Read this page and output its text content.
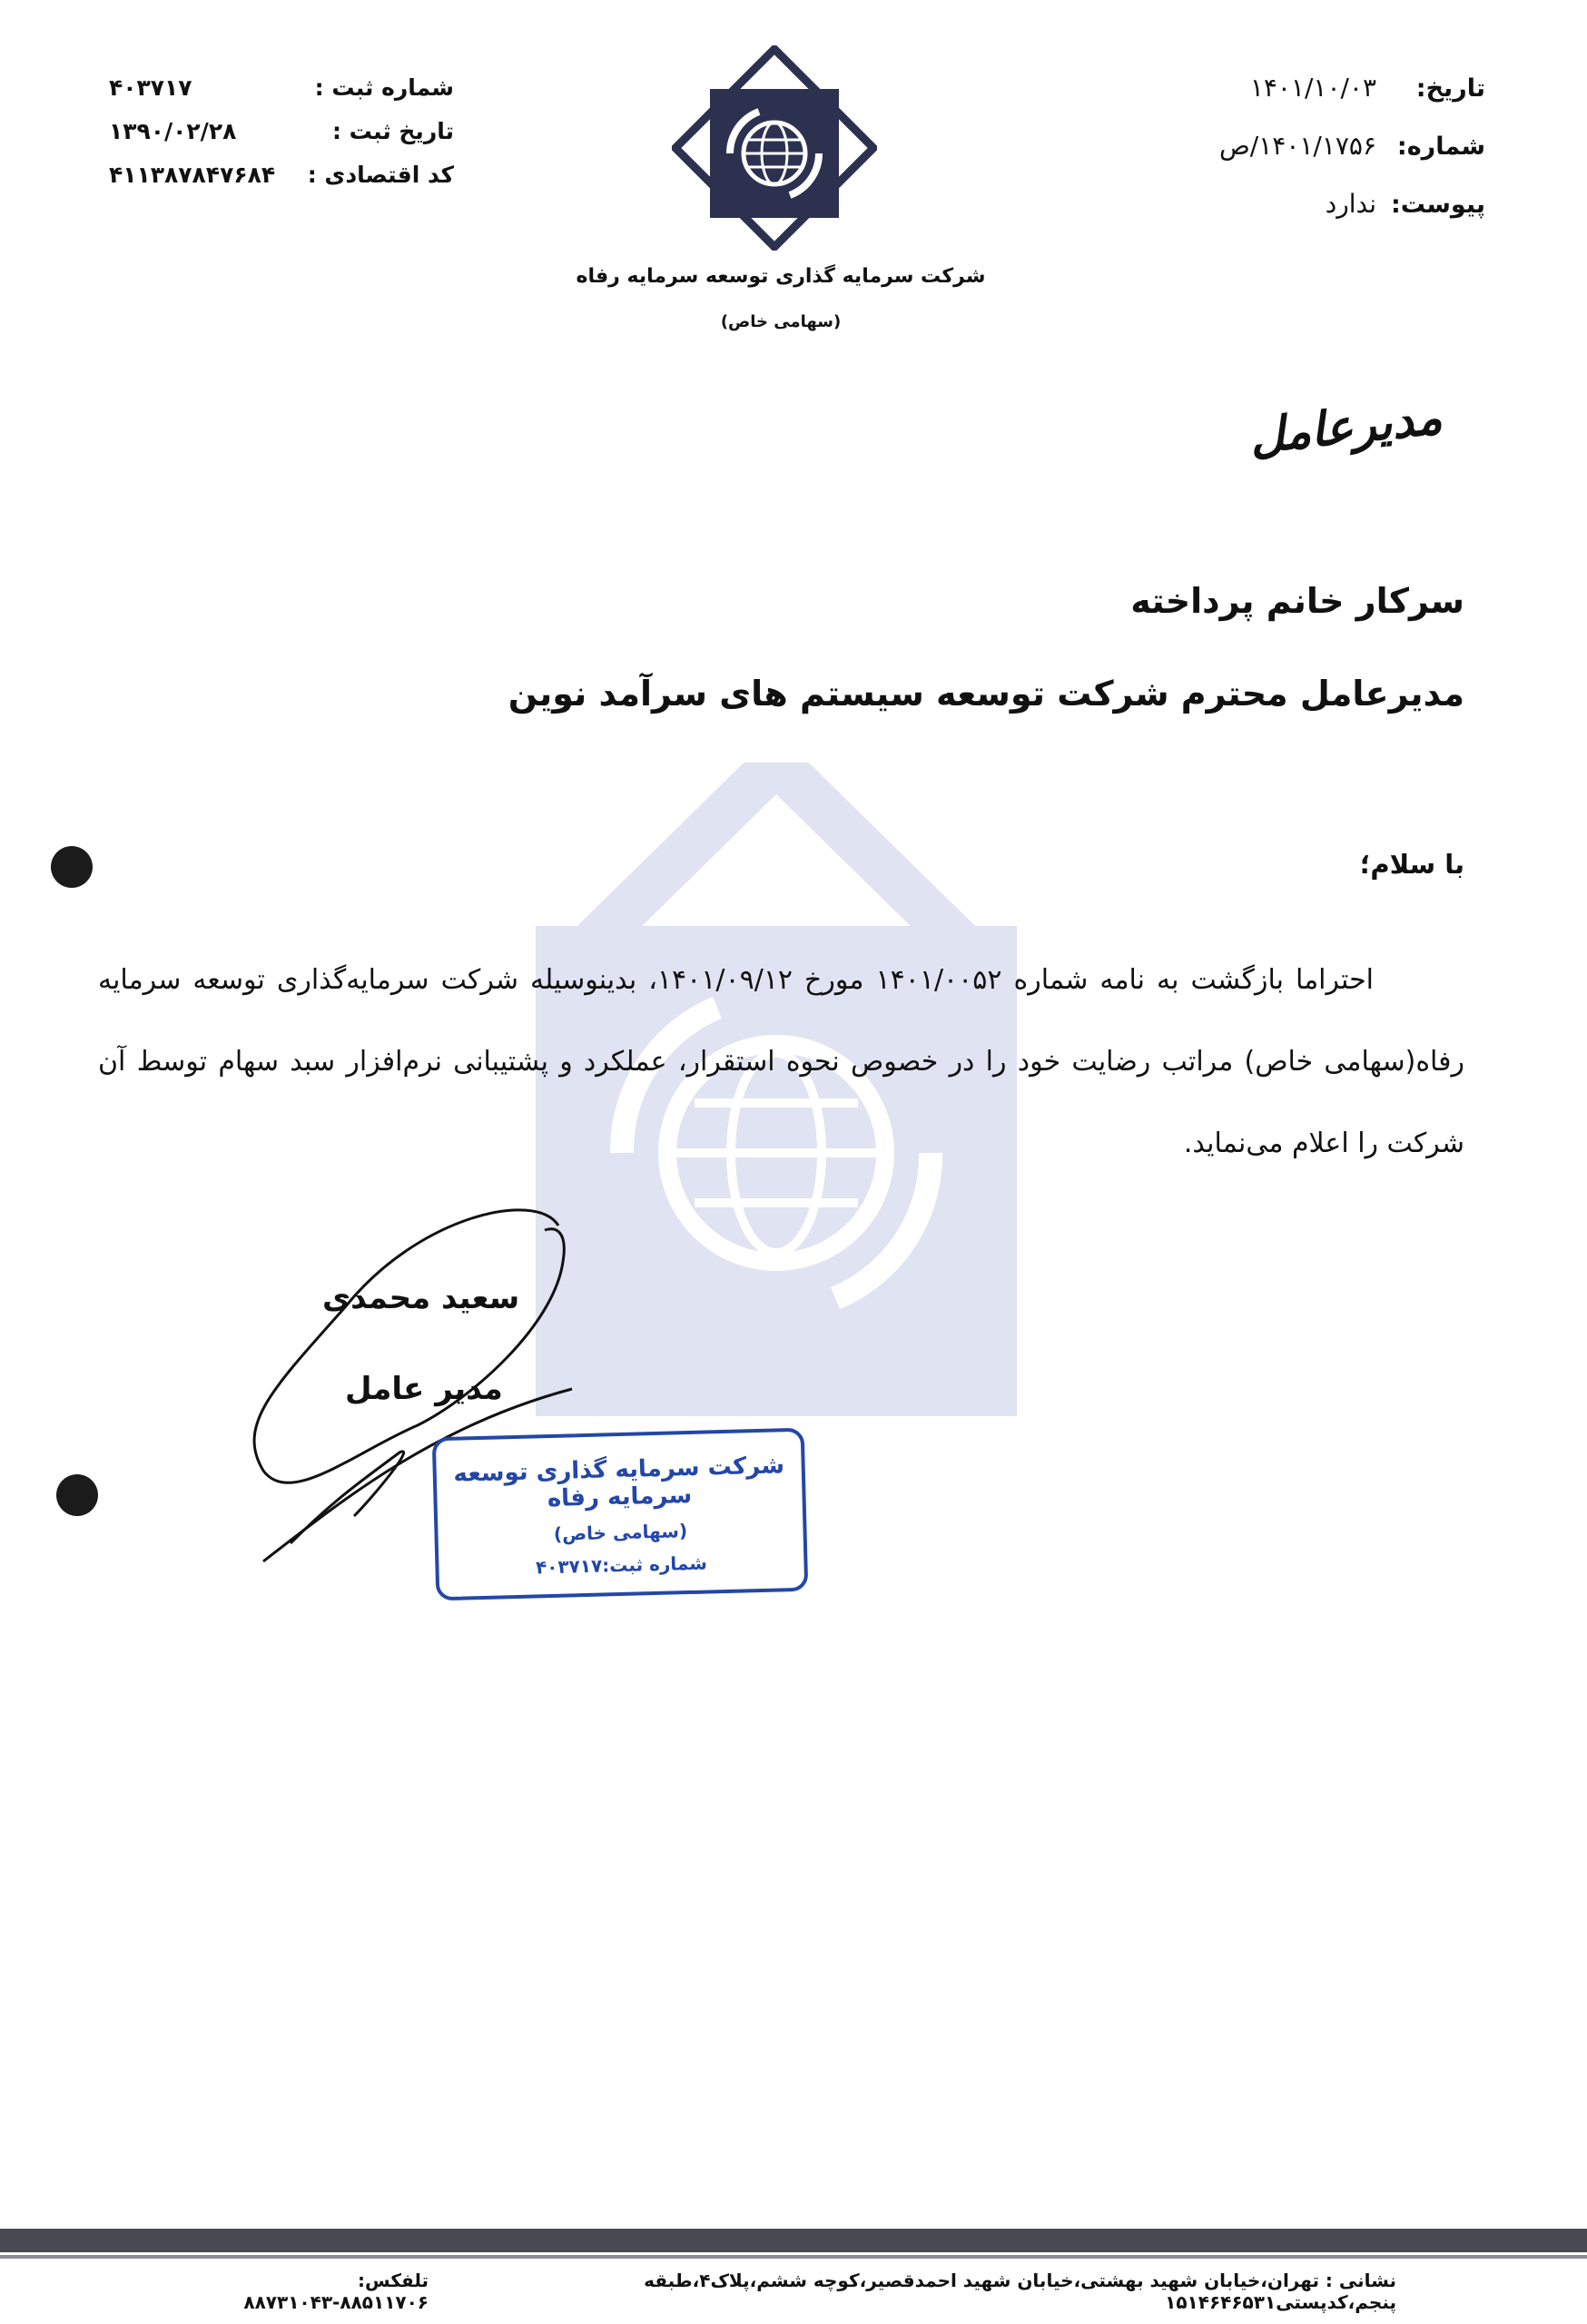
تاریخ:
۱۴۰۱/۱۰/۰۳
شماره:
۱۴۰۱/۱۷۵۶/ص
پیوست:
ندارد
شماره ثبت :
۴۰۳۷۱۷
تاریخ ثبت :
۱۳۹۰/۰۲/۲۸
کد اقتصادی :
۴۱۱۳۸۷۸۴۷۶۸۴
شرکت سرمایه گذاری توسعه سرمایه رفاه
(سهامی خاص)
مدیرعامل
سرکار خانم پرداخته
مدیرعامل محترم شرکت توسعه سیستم های سرآمد نوین
با سلام؛
احتراما بازگشت به نامه شماره ۱۴۰۱/۰۰۵۲ مورخ ۱۴۰۱/۰۹/۱۲، بدینوسیله شرکت سرمایه‌گذاری توسعه سرمایه رفاه(سهامی خاص) مراتب رضایت خود را در خصوص نحوه استقرار، عملکرد و پشتیبانی نرم‌افزار سبد سهام توسط آن شرکت را اعلام می‌نماید.
سعید محمدی
مدیر عامل
شرکت سرمایه گذاری توسعه سرمایه رفاه
(سهامی خاص)
شماره ثبت:۴۰۳۷۱۷
نشانی : تهران،خیابان شهید بهشتی،خیابان شهید احمدقصیر،کوچه ششم،پلاک۴،طبقه پنجم،کدپستی۱۵۱۴۶۴۶۵۳۱
تلفکس: ۸۸۵۱۱۷۰۶-۸۸۷۳۱۰۴۳
